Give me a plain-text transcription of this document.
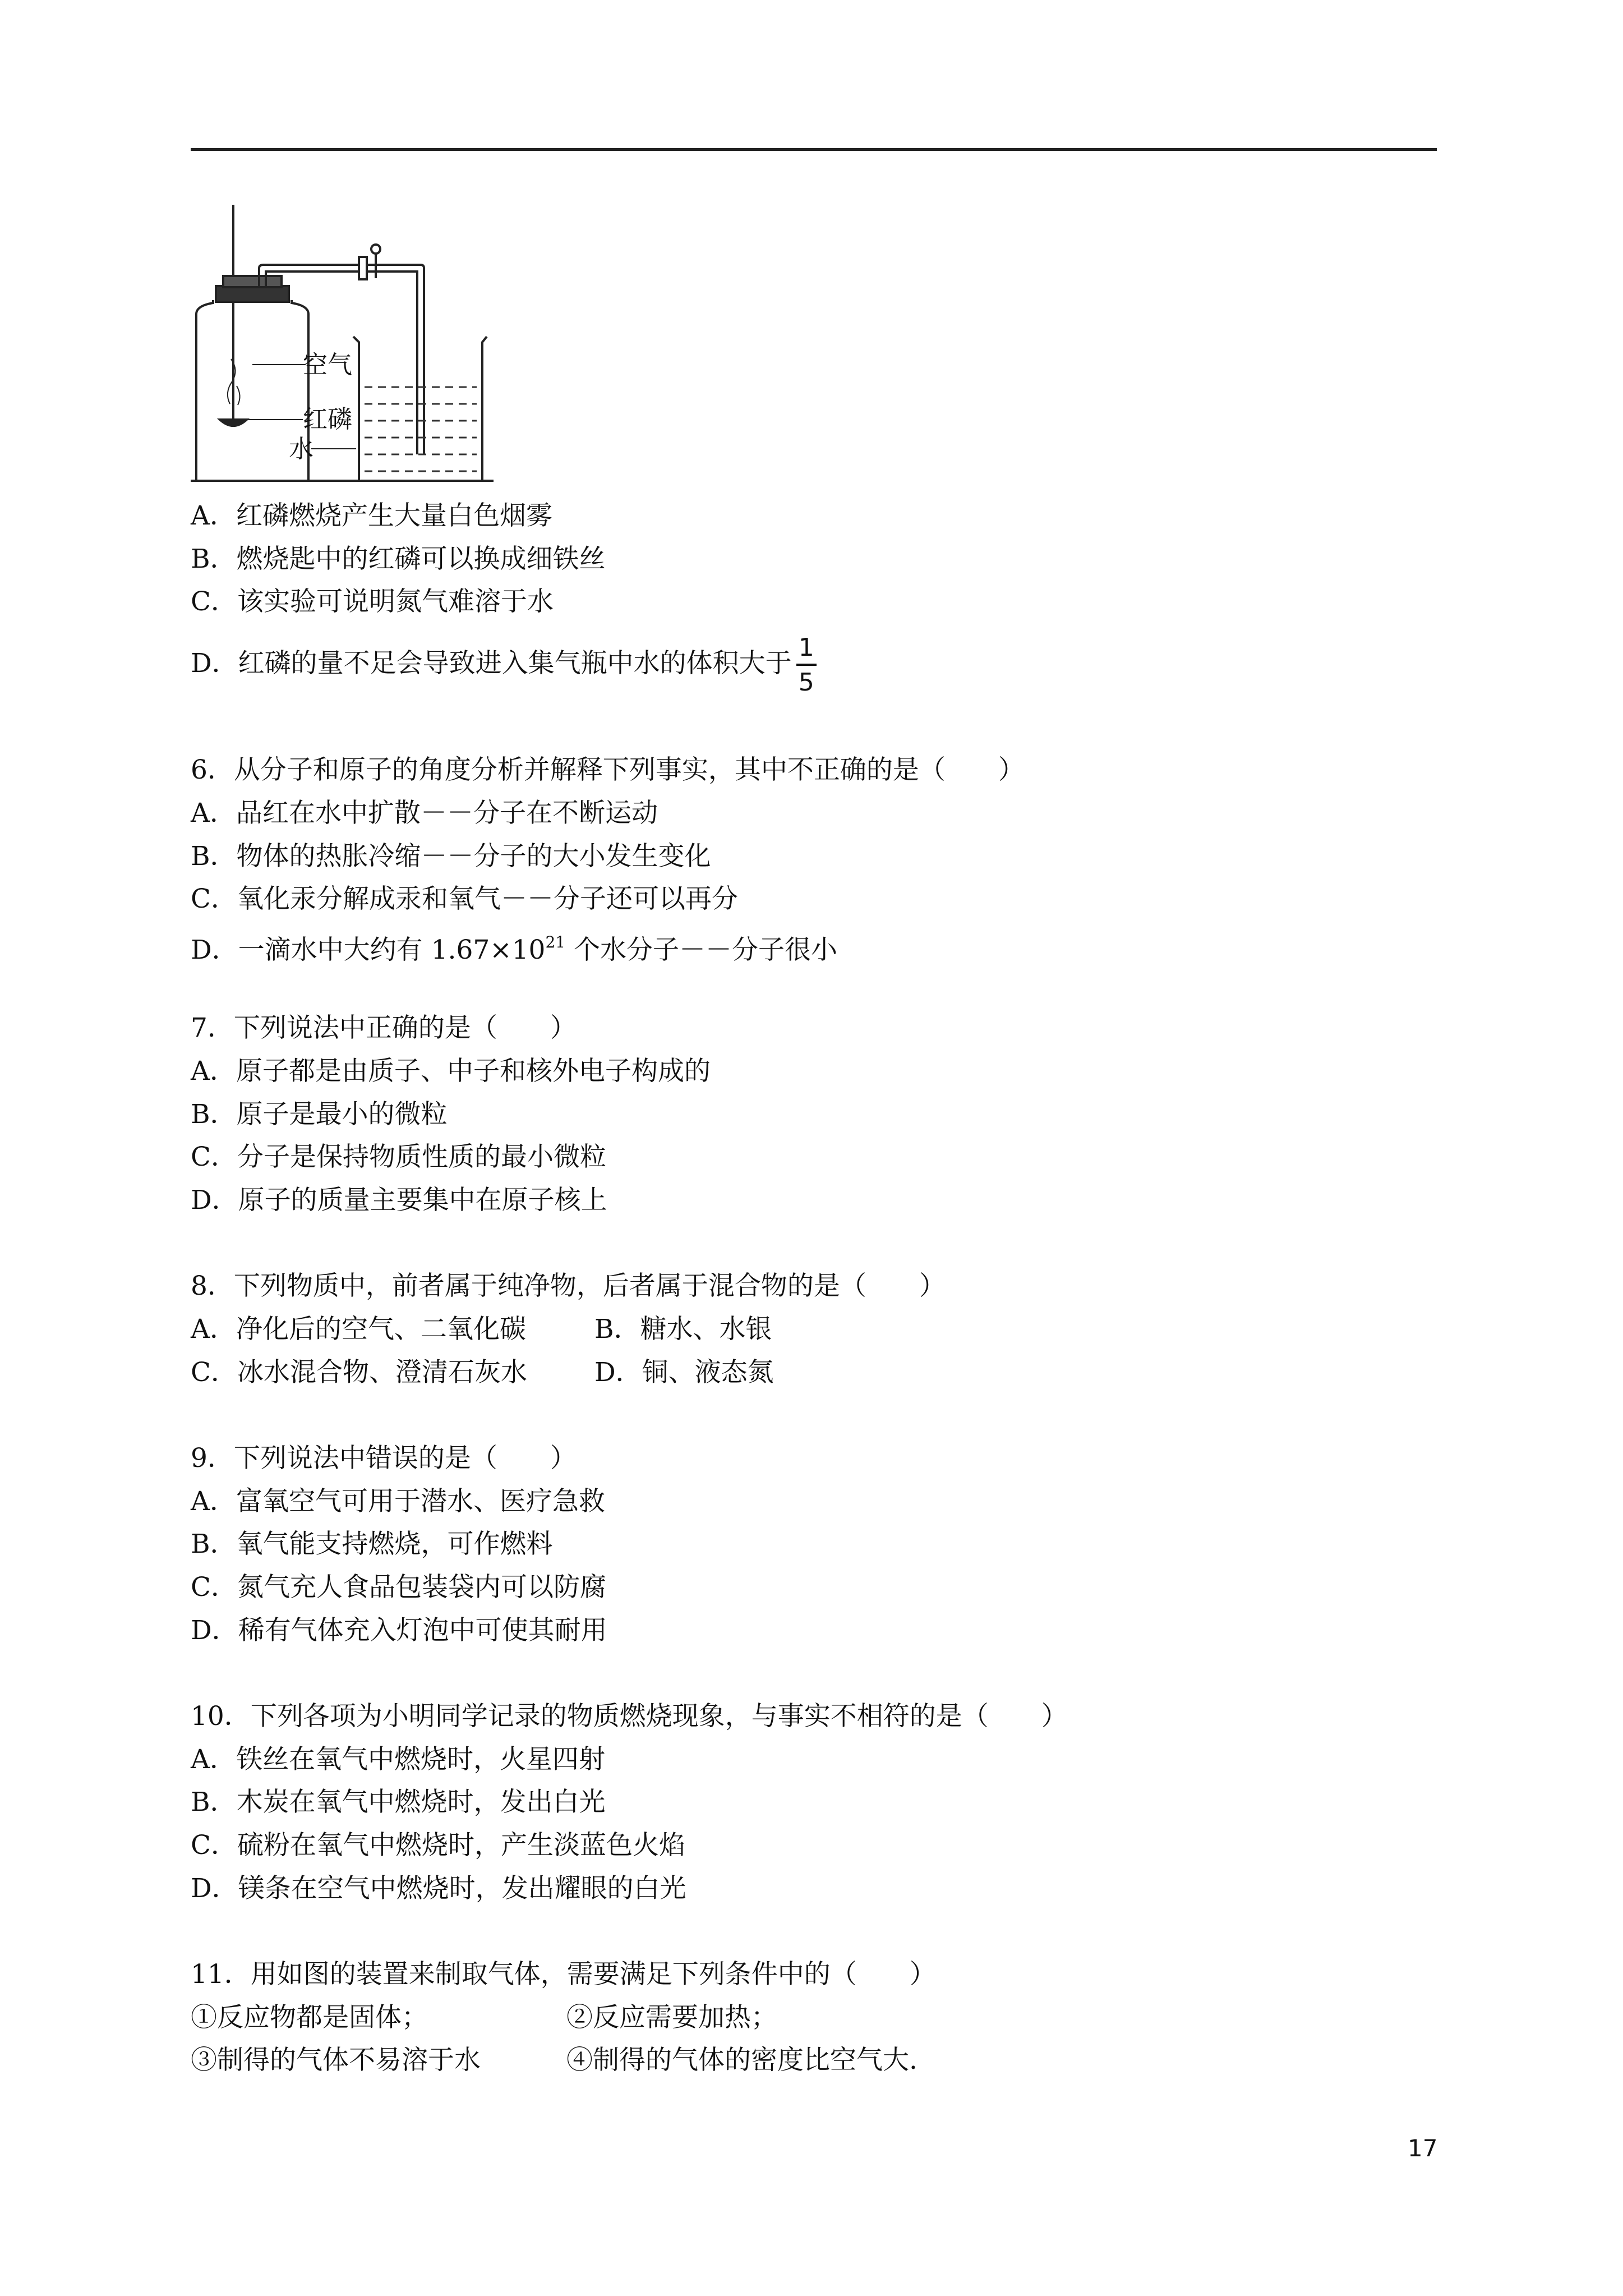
空气
红磷
水
A．红磷燃烧产生大量白色烟雾
B．燃烧匙中的红磷可以换成细铁丝
C．该实验可说明氮气难溶于水
D．红磷的量不足会导致进入集气瓶中水的体积大于 $\frac{1}{5}$
6．从分子和原子的角度分析并解释下列事实，其中不正确的是（　　）
A．品红在水中扩散－－分子在不断运动
B．物体的热胀冷缩－－分子的大小发生变化
C．氧化汞分解成汞和氧气－－分子还可以再分
D．一滴水中大约有 $1.67\times 10^{21}$ 个水分子－－分子很小
7．下列说法中正确的是（　　）
A．原子都是由质子、中子和核外电子构成的
B．原子是最小的微粒
C．分子是保持物质性质的最小微粒
D．原子的质量主要集中在原子核上
8．下列物质中，前者属于纯净物，后者属于混合物的是（　　）
A．净化后的空气、二氧化碳	B．糖水、水银
C．冰水混合物、澄清石灰水	D．铜、液态氮
9．下列说法中错误的是（　　）
A．富氧空气可用于潜水、医疗急救
B．氧气能支持燃烧，可作燃料
C．氮气充人食品包装袋内可以防腐
D．稀有气体充入灯泡中可使其耐用
10．下列各项为小明同学记录的物质燃烧现象，与事实不相符的是（　　）
A．铁丝在氧气中燃烧时，火星四射
B．木炭在氧气中燃烧时，发出白光
C．硫粉在氧气中燃烧时，产生淡蓝色火焰
D．镁条在空气中燃烧时，发出耀眼的白光
11．用如图的装置来制取气体，需要满足下列条件中的（　　）
①反应物都是固体；	②反应需要加热；
③制得的气体不易溶于水	④制得的气体的密度比空气大.
17
